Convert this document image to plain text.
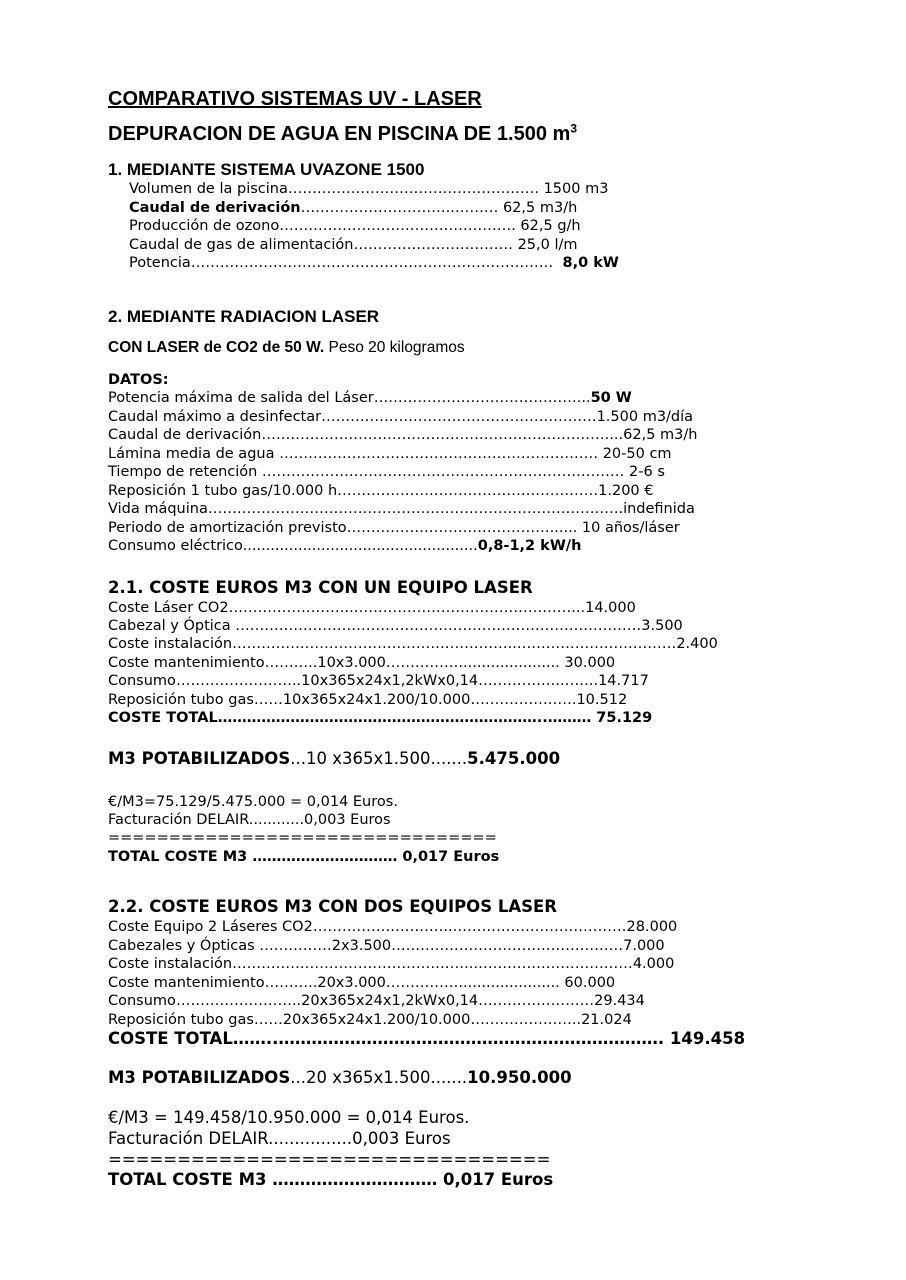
COMPARATIVO SISTEMAS UV - LASER
DEPURACION DE AGUA EN PISCINA DE 1.500 $m^3$
1. MEDIANTE SISTEMA UVAZONE 1500
Volumen de la piscina……………………………………………. 1500 m3
Caudal de derivación…………………………..……… 62,5 m3/h
Producción de ozono…………………………………………. 62,5 g/h
Caudal de gas de alimentación…………………………… 25,0 l/m
Potencia…………………………………………………………………  8,0 kW
2. MEDIANTE RADIACION LASER
CON LASER de CO2 de 50 W. Peso 20 kilogramos
DATOS:
Potencia máxima de salida del Láser……………………………………...50 W
Caudal máximo a desinfectar…………………………………………………1.500 m3/día
Caudal de derivación………………………………………………………………...62,5 m3/h
Lámina media de agua ………………………………………………………… 20-50 cm
Tiempo de retención ………………………………………………………………… 2-6 s
Reposición 1 tubo gas/10.000 h………………………………………………1.200 €
Vida máquina…………………………………………………………………………..indefinida
Periodo de amortización previsto……………………………………...... 10 años/láser
Consumo eléctrico...................................................0,8-1,2 kW/h
2.1. COSTE EUROS M3 CON UN EQUIPO LASER
Coste Láser CO2……………………..………………………………………...14.000
Cabezal y Óptica …………………………………………………………………………3.500
Coste instalación…………………………………………………..……………………………2.400
Coste mantenimiento………..10x3.000……………...................... 30.000
Consumo……………………..10x365x24x1,2kWx0,14……………..……..14.717
Reposición tubo gas……10x365x24x1.200/10.000………………….10.512
COSTE TOTAL…………………………………………………………..……… 75.129
M3 POTABILIZADOS...10 x365x1.500.......5.475.000
€/M3=75.129/5.475.000 = 0,014 Euros.
Facturación DELAIR............0,003 Euros
================================
TOTAL COSTE M3 ………………………… 0,017 Euros
2.2. COSTE EUROS M3 CON DOS EQUIPOS LASER
Coste Equipo 2 Láseres CO2………………………..………………………………28.000
Cabezales y Ópticas ……………2x3.500…………………………………………7.000
Coste instalación…………………………………………..……………………………4.000
Coste mantenimiento………..20x3.000……………...................... 60.000
Consumo……………………..20x365x24x1,2kWx0,14……………………29.434
Reposición tubo gas……20x365x24x1.200/10.000…………………..21.024
COSTE TOTAL……..……………………………………………………………. 149.458
M3 POTABILIZADOS...20 x365x1.500.......10.950.000
€/M3 = 149.458/10.950.000 = 0,014 Euros.
Facturación DELAIR................0,003 Euros
================================
TOTAL COSTE M3 ………………………… 0,017 Euros
